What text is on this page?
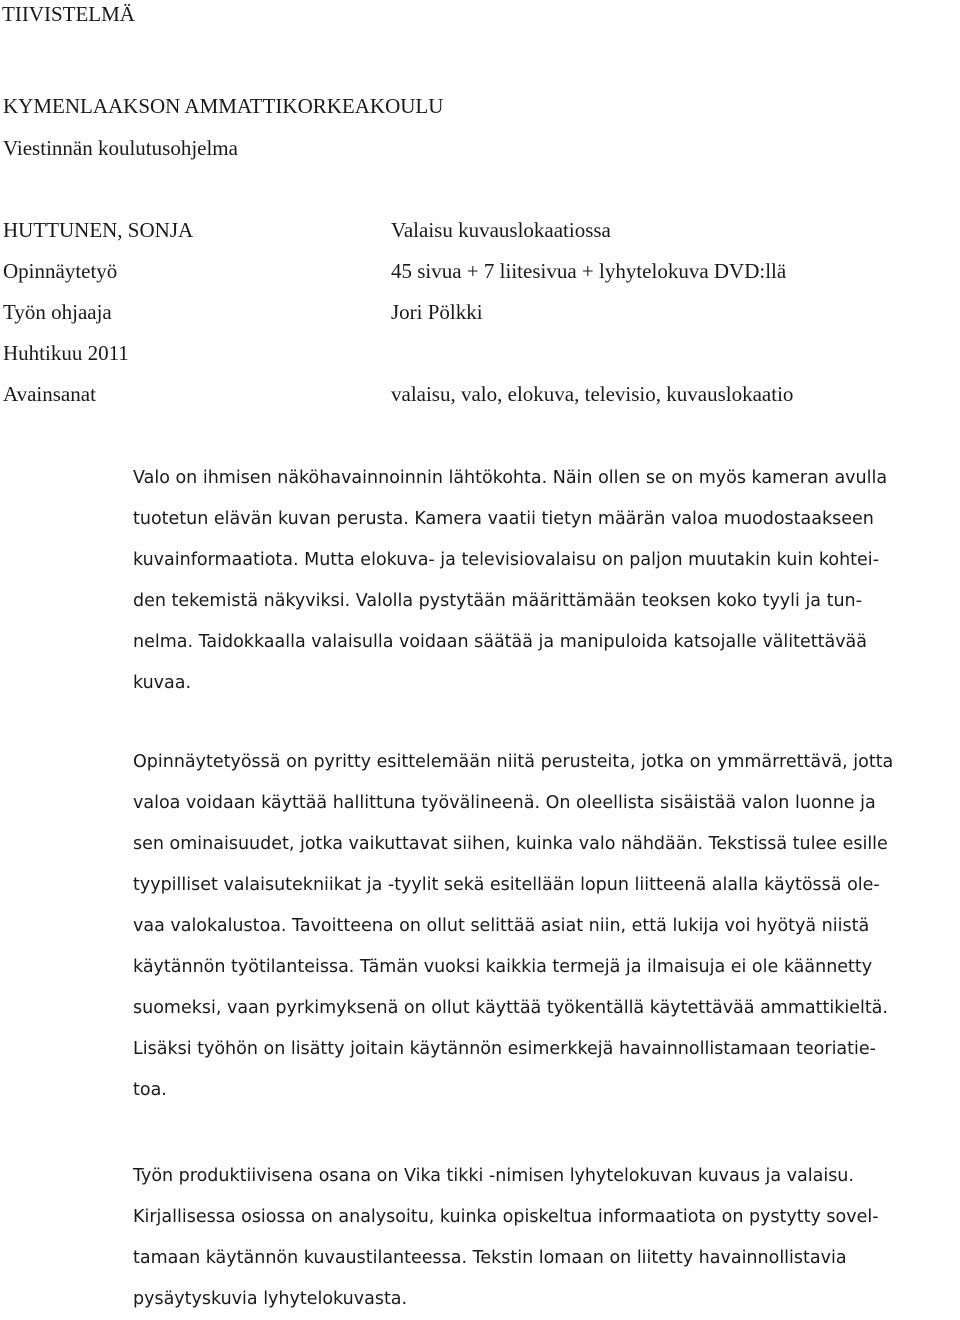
TIIVISTELMÄ
KYMENLAAKSON AMMATTIKORKEAKOULU
Viestinnän koulutusohjelma
HUTTUNEN, SONJA	Valaisu kuvauslokaatiossa
Opinnäytetyö	45 sivua + 7 liitesivua + lyhytelokuva DVD:llä
Työn ohjaaja	Jori Pölkki
Huhtikuu 2011
Avainsanat	valaisu, valo, elokuva, televisio, kuvauslokaatio
Valo on ihmisen näköhavainnoinnin lähtökohta. Näin ollen se on myös kameran avulla
tuotetun elävän kuvan perusta. Kamera vaatii tietyn määrän valoa muodostaakseen
kuvainformaatiota. Mutta elokuva- ja televisiovalaisu on paljon muutakin kuin kohtei-
den tekemistä näkyviksi. Valolla pystytään määrittämään teoksen koko tyyli ja tun-
nelma. Taidokkaalla valaisulla voidaan säätää ja manipuloida katsojalle välitettävää
kuvaa.
Opinnäytetyössä on pyritty esittelemään niitä perusteita, jotka on ymmärrettävä, jotta
valoa voidaan käyttää hallittuna työvälineenä. On oleellista sisäistää valon luonne ja
sen ominaisuudet, jotka vaikuttavat siihen, kuinka valo nähdään. Tekstissä tulee esille
tyypilliset valaisutekniikat ja -tyylit sekä esitellään lopun liitteenä alalla käytössä ole-
vaa valokalustoa. Tavoitteena on ollut selittää asiat niin, että lukija voi hyötyä niistä
käytännön työtilanteissa. Tämän vuoksi kaikkia termejä ja ilmaisuja ei ole käännetty
suomeksi, vaan pyrkimyksenä on ollut käyttää työkentällä käytettävää ammattikieltä.
Lisäksi työhön on lisätty joitain käytännön esimerkkejä havainnollistamaan teoriatie-
toa.
Työn produktiivisena osana on Vika tikki -nimisen lyhytelokuvan kuvaus ja valaisu.
Kirjallisessa osiossa on analysoitu, kuinka opiskeltua informaatiota on pystytty sovel-
tamaan käytännön kuvaustilanteessa. Tekstin lomaan on liitetty havainnollistavia
pysäytyskuvia lyhytelokuvasta.
